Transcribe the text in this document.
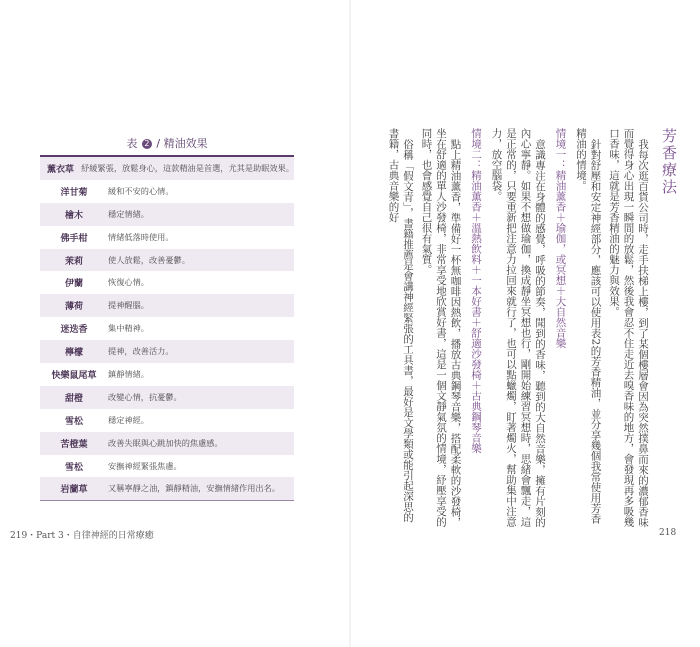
表 2 / 精油效果
薰衣草 紓緩緊張，放鬆身心，這款精油是首選，尤其是助眠效果。
洋甘菊	緩和不安的心情。
檜木	穩定情緒。
佛手柑	情緒低落時使用。
茉莉	使人放鬆，改善憂鬱。
伊蘭	恢復心情。
薄荷	提神醒腦。
迷迭香	集中精神。
檸檬	提神，改善活力。
快樂鼠尾草	鎮靜情緒。
甜橙	改變心情，抗憂鬱。
雪松	穩定神經。
苦橙葉	改善失眠與心跳加快的焦慮感。
雪松	安撫神經緊張焦慮。
岩蘭草	又稱寧靜之油，鎮靜精油，安撫情緒作用出名。
219・Part 3・自律神經的日常療癒	218

芳香療法

我每次逛百貨公司時，走手扶梯上樓，到了某個樓層會因為突然撲鼻而來的濃郁香味而覺得身心出現一瞬間的放鬆，然後我會忍不住走近去嗅香味的地方，會發現再多吸幾口香味，這就是芳香精油的魅力與效果。

針對舒壓和安定神經部分，應該可以使用表2的芳香精油，並分享幾個我常使用芳香精油的情境。

情境一：精油薰香＋瑜伽，或冥想＋大自然音樂

意識專注在身體的感覺，呼吸的節奏，聞到的香味，聽到的大自然音樂，擁有片刻的內心寧靜。如果不想做瑜伽，換成靜坐冥想也行，剛開始練習冥想時，思緒會飄走，這是正常的，只要重新把注意力拉回來就行了，也可以點蠟燭，盯著燭火，幫助集中注意力，放空腦袋。

情境二：精油薰香＋溫熱飲料＋一本好書＋舒適沙發椅＋古典鋼琴音樂

點上精油薰香，準備好一杯無咖啡因熱飲，播放古典鋼琴音樂，搭配柔軟的沙發椅，坐在舒適的單人沙發椅，非常享受地欣賞好書，這是一個文靜氣氛的情境，紓壓享受的同時，也會感覺自己很有氣質。

俗稱「假文青」，書籍推薦是會講神經緊張的工具書，最好是文學類或能引起深思的書籍，古典音樂的好
